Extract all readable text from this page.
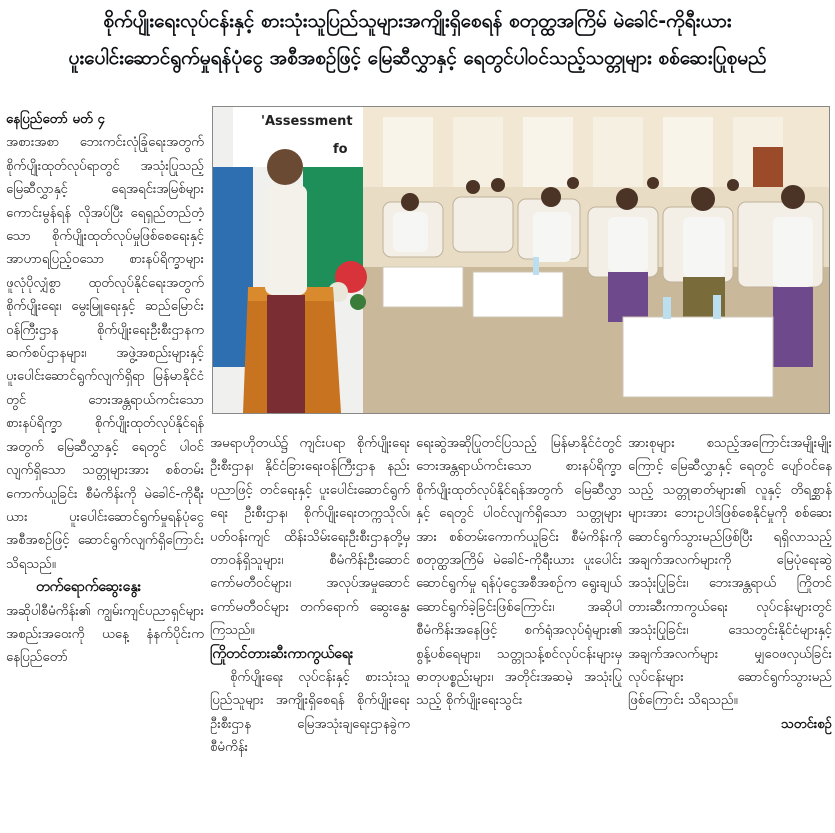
စိုက်ပျိုးရေးလုပ်ငန်းနှင့် စားသုံးသူပြည်သူများအကျိုးရှိစေရန် စတုတ္ထအကြိမ် မဲခေါင်-ကိုရီးယား
ပူးပေါင်းဆောင်ရွက်မှုရန်ပုံငွေ အစီအစဉ်ဖြင့် မြေဆီလွှာနှင့် ရေတွင်ပါဝင်သည့်သတ္တုများ စစ်ဆေးပြုစုမည်
'Assessment
fo

နေပြည်တော် မတ် ၄

အစားအစာ ဘေးကင်းလုံခြုံရေးအတွက် စိုက်ပျိုးထုတ်လုပ်ရာတွင် အသုံးပြုသည့် မြေဆီလွှာနှင့် ရေအရင်းအမြစ်များ ကောင်းမွန်ရန် လိုအပ်ပြီး ရေရှည်တည်တံ့သော စိုက်ပျိုးထုတ်လုပ်မှုဖြစ်စေရေးနှင့် အာဟာရပြည့်ဝသော စားနပ်ရိက္ခာများ ဖူလုံပိုလျှံစွာ ထုတ်လုပ်နိုင်ရေးအတွက် စိုက်ပျိုးရေး၊ မွေးမြူရေးနှင့် ဆည်မြောင်းဝန်ကြီးဌာန စိုက်ပျိုးရေးဦးစီးဌာနက ဆက်စပ်ဌာနများ၊ အဖွဲ့အစည်းများနှင့် ပူးပေါင်းဆောင်ရွက်လျက်ရှိရာ မြန်မာနိုင်ငံတွင် ဘေးအန္တရာယ်ကင်းသော စားနပ်ရိက္ခာ စိုက်ပျိုးထုတ်လုပ်နိုင်ရန်အတွက် မြေဆီလွှာနှင့် ရေတွင် ပါဝင်လျက်ရှိသော သတ္တုများအား စစ်တမ်းကောက်ယူခြင်း စီမံကိန်းကို မဲခေါင်-ကိုရီးယား ပူးပေါင်းဆောင်ရွက်မှုရန်ပုံငွေ အစီအစဉ်ဖြင့် ဆောင်ရွက်လျက်ရှိကြောင်း သိရသည်။

တက်ရောက်ဆွေးနွေး

အဆိုပါစီမံကိန်း၏ ကျွမ်းကျင်ပညာရှင်များ အစည်းအဝေးကို ယနေ့ နံနက်ပိုင်းက နေပြည်တော်

အမရာဟိုတယ်၌ ကျင်းပရာ စိုက်ပျိုးရေးဦးစီးဌာန၊ နိုင်ငံခြားရေးဝန်ကြီးဌာန နည်းပညာဖြင့် တင်ရေးနှင့် ပူးပေါင်းဆောင်ရွက်ရေး ဦးစီးဌာန၊ စိုက်ပျိုးရေးတက္ကသိုလ်၊ ပတ်ဝန်းကျင် ထိန်းသိမ်းရေးဦးစီးဌာနတို့မှ တာဝန်ရှိသူများ၊ စီမံကိန်းဦးဆောင်ကော်မတီဝင်များ၊ အလုပ်အမှုဆောင် ကော်မတီဝင်များ တက်ရောက် ဆွေးနွေးကြသည်။

ကြိုတင်တားဆီးကာကွယ်ရေး

စိုက်ပျိုးရေး လုပ်ငန်းနှင့် စားသုံးသူပြည်သူများ အကျိုးရှိစေရန် စိုက်ပျိုးရေးဦးစီးဌာန မြေအသုံးချရေးဌာနခွဲက စီမံကိန်း

ရေးဆွဲအဆိုပြုတင်ပြသည့် မြန်မာနိုင်ငံတွင် ဘေးအန္တရာယ်ကင်းသော စားနပ်ရိက္ခာ စိုက်ပျိုးထုတ်လုပ်နိုင်ရန်အတွက် မြေဆီလွှာနှင့် ရေတွင် ပါဝင်လျက်ရှိသော သတ္တုများအား စစ်တမ်းကောက်ယူခြင်း စီမံကိန်းကို စတုတ္ထအကြိမ် မဲခေါင်-ကိုရီးယား ပူးပေါင်းဆောင်ရွက်မှု ရန်ပုံငွေအစီအစဉ်က ရွေးချယ်ဆောင်ရွက်ခဲ့ခြင်းဖြစ်ကြောင်း၊ အဆိုပါစီမံကိန်းအနေဖြင့် စက်ရုံအလုပ်ရုံများ၏ စွန့်ပစ်ရေများ၊ သတ္တုသန့်စင်လုပ်ငန်းများမှ ဓာတုပစ္စည်းများ၊ အတိုင်းအဆမဲ့ အသုံးပြုသည့် စိုက်ပျိုးရေးသွင်း

အားစုများ စသည့်အကြောင်းအမျိုးမျိုးကြောင့် မြေဆီလွှာနှင့် ရေတွင် ပျော်ဝင်နေသည့် သတ္တုဓာတ်များ၏ လူနှင့် တိရစ္ဆာန်များအား ဘေးဥပါဒ်ဖြစ်စေနိုင်မှုကို စစ်ဆေးဆောင်ရွက်သွားမည်ဖြစ်ပြီး ရရှိလာသည့် အချက်အလက်များကို မြေပုံရေးဆွဲ အသုံးပြုခြင်း၊ ဘေးအန္တရာယ် ကြိုတင်တားဆီးကာကွယ်ရေး လုပ်ငန်းများတွင် အသုံးပြုခြင်း၊ ဒေသတွင်းနိုင်ငံများနှင့် အချက်အလက်များ မျှဝေဖလှယ်ခြင်း လုပ်ငန်းများ ဆောင်ရွက်သွားမည်ဖြစ်ကြောင်း သိရသည်။

သတင်းစဉ်
